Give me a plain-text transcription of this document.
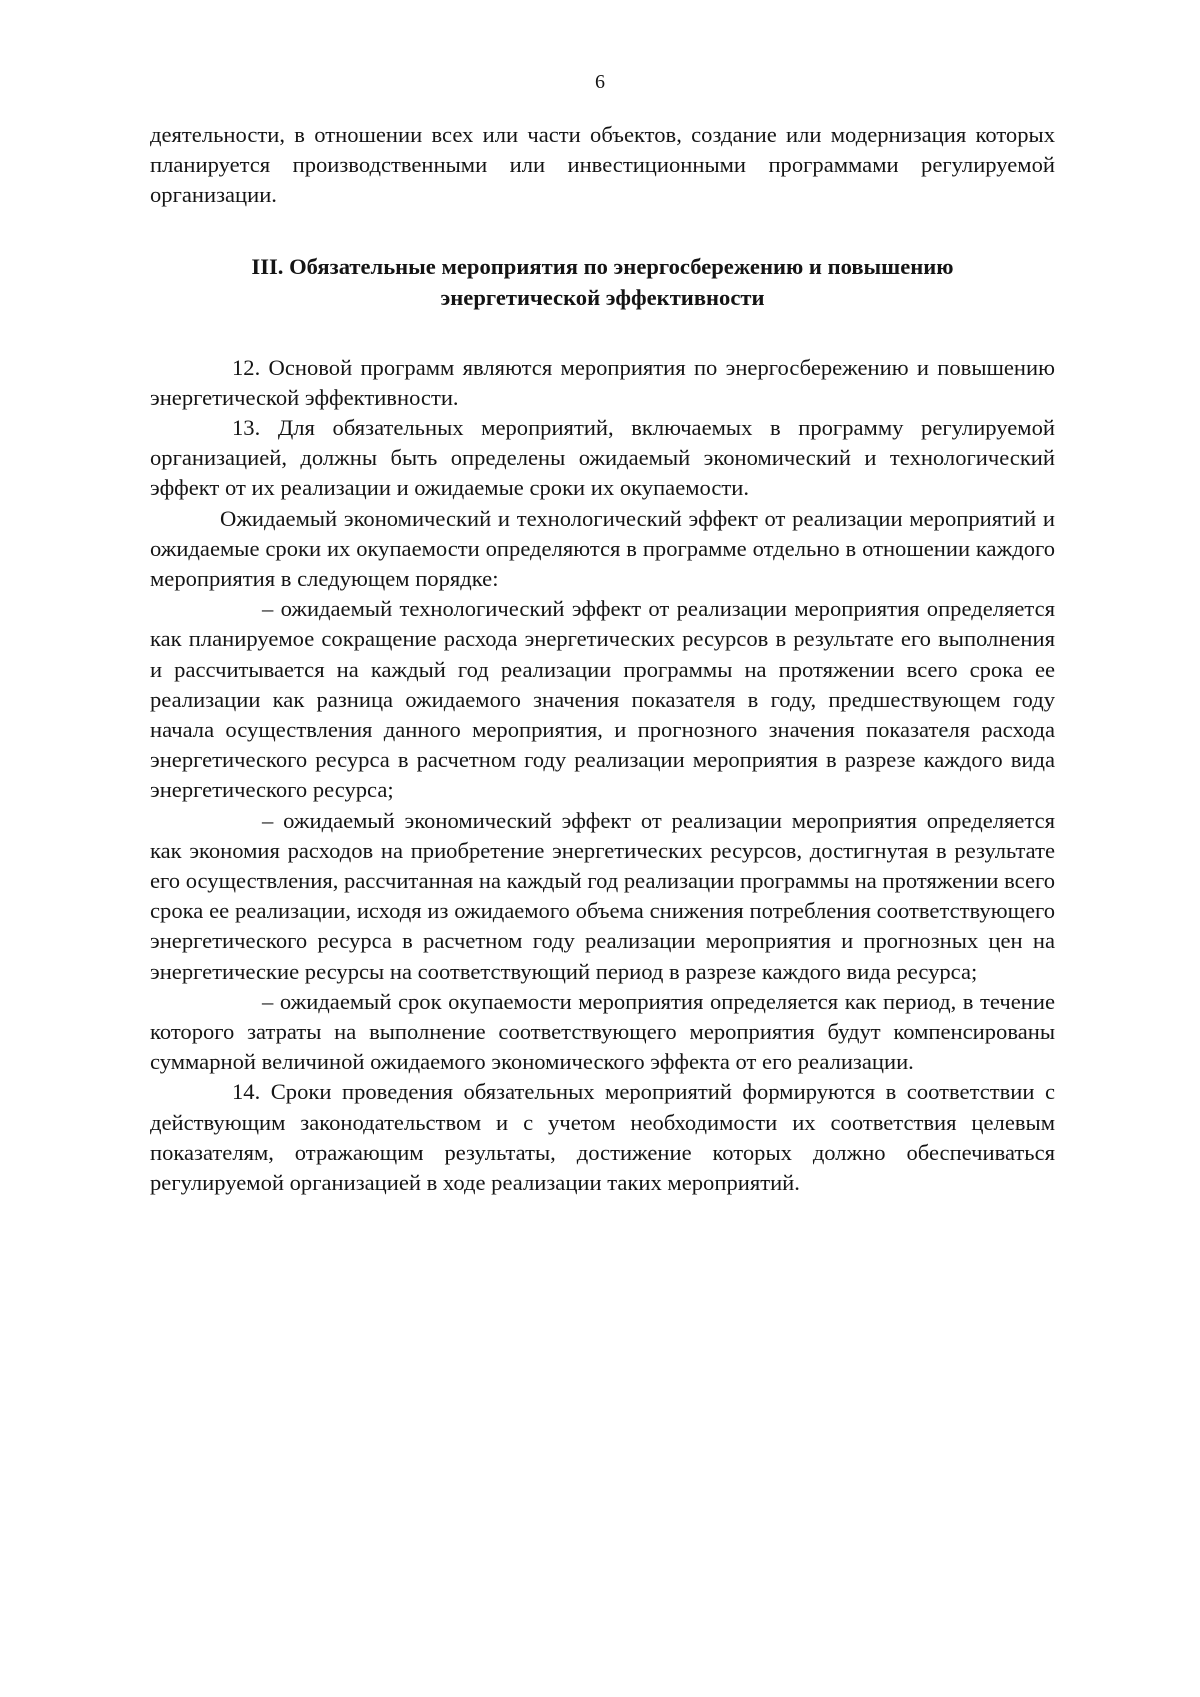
6

деятельности, в отношении всех или части объектов, создание или модернизация которых планируется производственными или инвестиционными программами регулируемой организации.

III. Обязательные мероприятия по энергосбережению и повышению
энергетической эффективности

12. Основой программ являются мероприятия по энергосбережению и повышению энергетической эффективности.

13. Для обязательных мероприятий, включаемых в программу регулируемой организацией, должны быть определены ожидаемый экономический и технологический эффект от их реализации и ожидаемые сроки их окупаемости.

Ожидаемый экономический и технологический эффект от реализации мероприятий и ожидаемые сроки их окупаемости определяются в программе отдельно в отношении каждого мероприятия в следующем порядке:

– ожидаемый технологический эффект от реализации мероприятия определяется как планируемое сокращение расхода энергетических ресурсов в результате его выполнения и рассчитывается на каждый год реализации программы на протяжении всего срока ее реализации как разница ожидаемого значения показателя в году, предшествующем году начала осуществления данного мероприятия, и прогнозного значения показателя расхода энергетического ресурса в расчетном году реализации мероприятия в разрезе каждого вида энергетического ресурса;

– ожидаемый экономический эффект от реализации мероприятия определяется как экономия расходов на приобретение энергетических ресурсов, достигнутая в результате его осуществления, рассчитанная на каждый год реализации программы на протяжении всего срока ее реализации, исходя из ожидаемого объема снижения потребления соответствующего энергетического ресурса в расчетном году реализации мероприятия и прогнозных цен на энергетические ресурсы на соответствующий период в разрезе каждого вида ресурса;

– ожидаемый срок окупаемости мероприятия определяется как период, в течение которого затраты на выполнение соответствующего мероприятия будут компенсированы суммарной величиной ожидаемого экономического эффекта от его реализации.

14. Сроки проведения обязательных мероприятий формируются в соответствии с действующим законодательством и с учетом необходимости их соответствия целевым показателям, отражающим результаты, достижение которых должно обеспечиваться регулируемой организацией в ходе реализации таких мероприятий.
